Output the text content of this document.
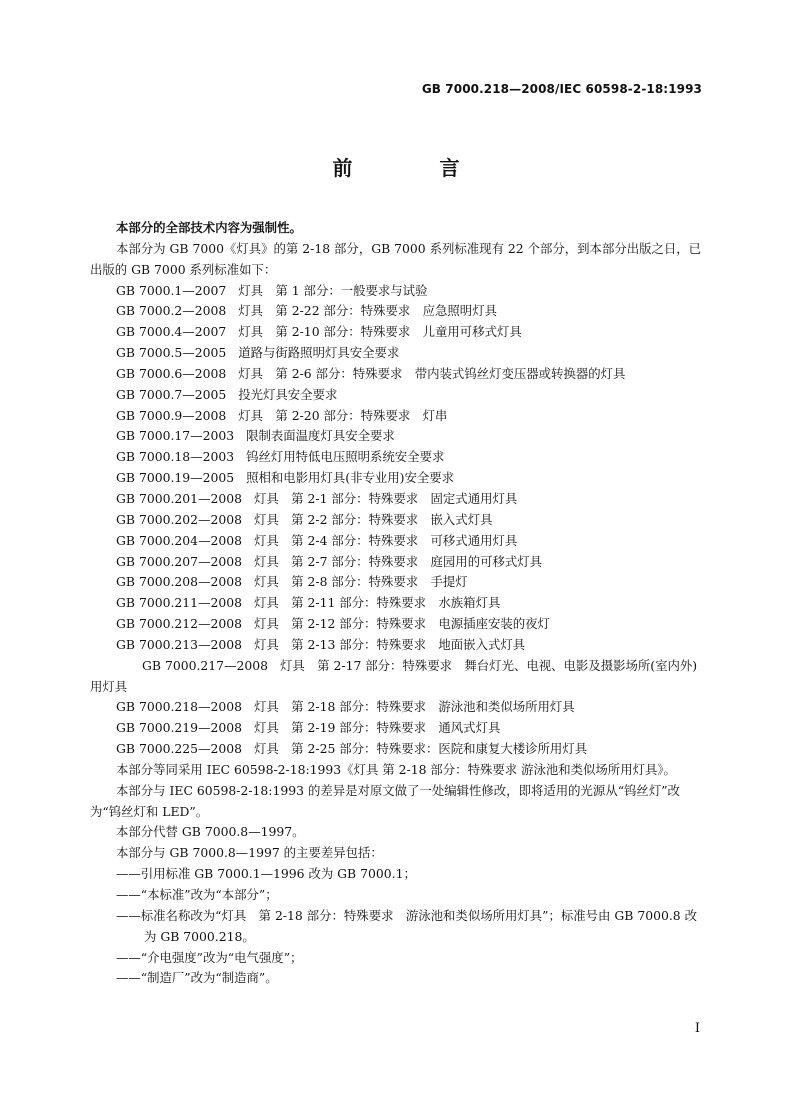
GB 7000.218—2008/IEC 60598-2-18:1993
前 言

本部分的全部技术内容为强制性。

本部分为 GB 7000《灯具》的第 2-18 部分，GB 7000 系列标准现有 22 个部分，到本部分出版之日，已出版的 GB 7000 系列标准如下：

GB 7000.1—2007 灯具　第 1 部分：一般要求与试验

GB 7000.2—2008 灯具　第 2-22 部分：特殊要求　应急照明灯具

GB 7000.4—2007 灯具　第 2-10 部分：特殊要求　儿童用可移式灯具

GB 7000.5—2005 道路与街路照明灯具安全要求

GB 7000.6—2008 灯具　第 2-6 部分：特殊要求　带内装式钨丝灯变压器或转换器的灯具

GB 7000.7—2005 投光灯具安全要求

GB 7000.9—2008 灯具　第 2-20 部分：特殊要求　灯串

GB 7000.17—2003 限制表面温度灯具安全要求

GB 7000.18—2003 钨丝灯用特低电压照明系统安全要求

GB 7000.19—2005 照相和电影用灯具(非专业用)安全要求

GB 7000.201—2008 灯具　第 2-1 部分：特殊要求　固定式通用灯具

GB 7000.202—2008 灯具　第 2-2 部分：特殊要求　嵌入式灯具

GB 7000.204—2008 灯具　第 2-4 部分：特殊要求　可移式通用灯具

GB 7000.207—2008 灯具　第 2-7 部分：特殊要求　庭园用的可移式灯具

GB 7000.208—2008 灯具　第 2-8 部分：特殊要求　手提灯

GB 7000.211—2008 灯具　第 2-11 部分：特殊要求　水族箱灯具

GB 7000.212—2008 灯具　第 2-12 部分：特殊要求　电源插座安装的夜灯

GB 7000.213—2008 灯具　第 2-13 部分：特殊要求　地面嵌入式灯具

GB 7000.217—2008 灯具　第 2-17 部分：特殊要求　舞台灯光、电视、电影及摄影场所(室内外)用灯具

GB 7000.218—2008 灯具　第 2-18 部分：特殊要求　游泳池和类似场所用灯具

GB 7000.219—2008 灯具　第 2-19 部分：特殊要求　通风式灯具

GB 7000.225—2008 灯具　第 2-25 部分：特殊要求：医院和康复大楼诊所用灯具

本部分等同采用 IEC 60598-2-18:1993《灯具 第 2-18 部分：特殊要求 游泳池和类似场所用灯具》。

本部分与 IEC 60598-2-18:1993 的差异是对原文做了一处编辑性修改，即将适用的光源从“钨丝灯”改为“钨丝灯和 LED”。

本部分代替 GB 7000.8—1997。

本部分与 GB 7000.8—1997 的主要差异包括：

——引用标准 GB 7000.1—1996 改为 GB 7000.1；

——“本标准”改为“本部分”；

——标准名称改为“灯具　第 2-18 部分：特殊要求　游泳池和类似场所用灯具”；标准号由 GB 7000.8 改为 GB 7000.218。

——“介电强度”改为“电气强度”；

——“制造厂”改为“制造商”。

I
